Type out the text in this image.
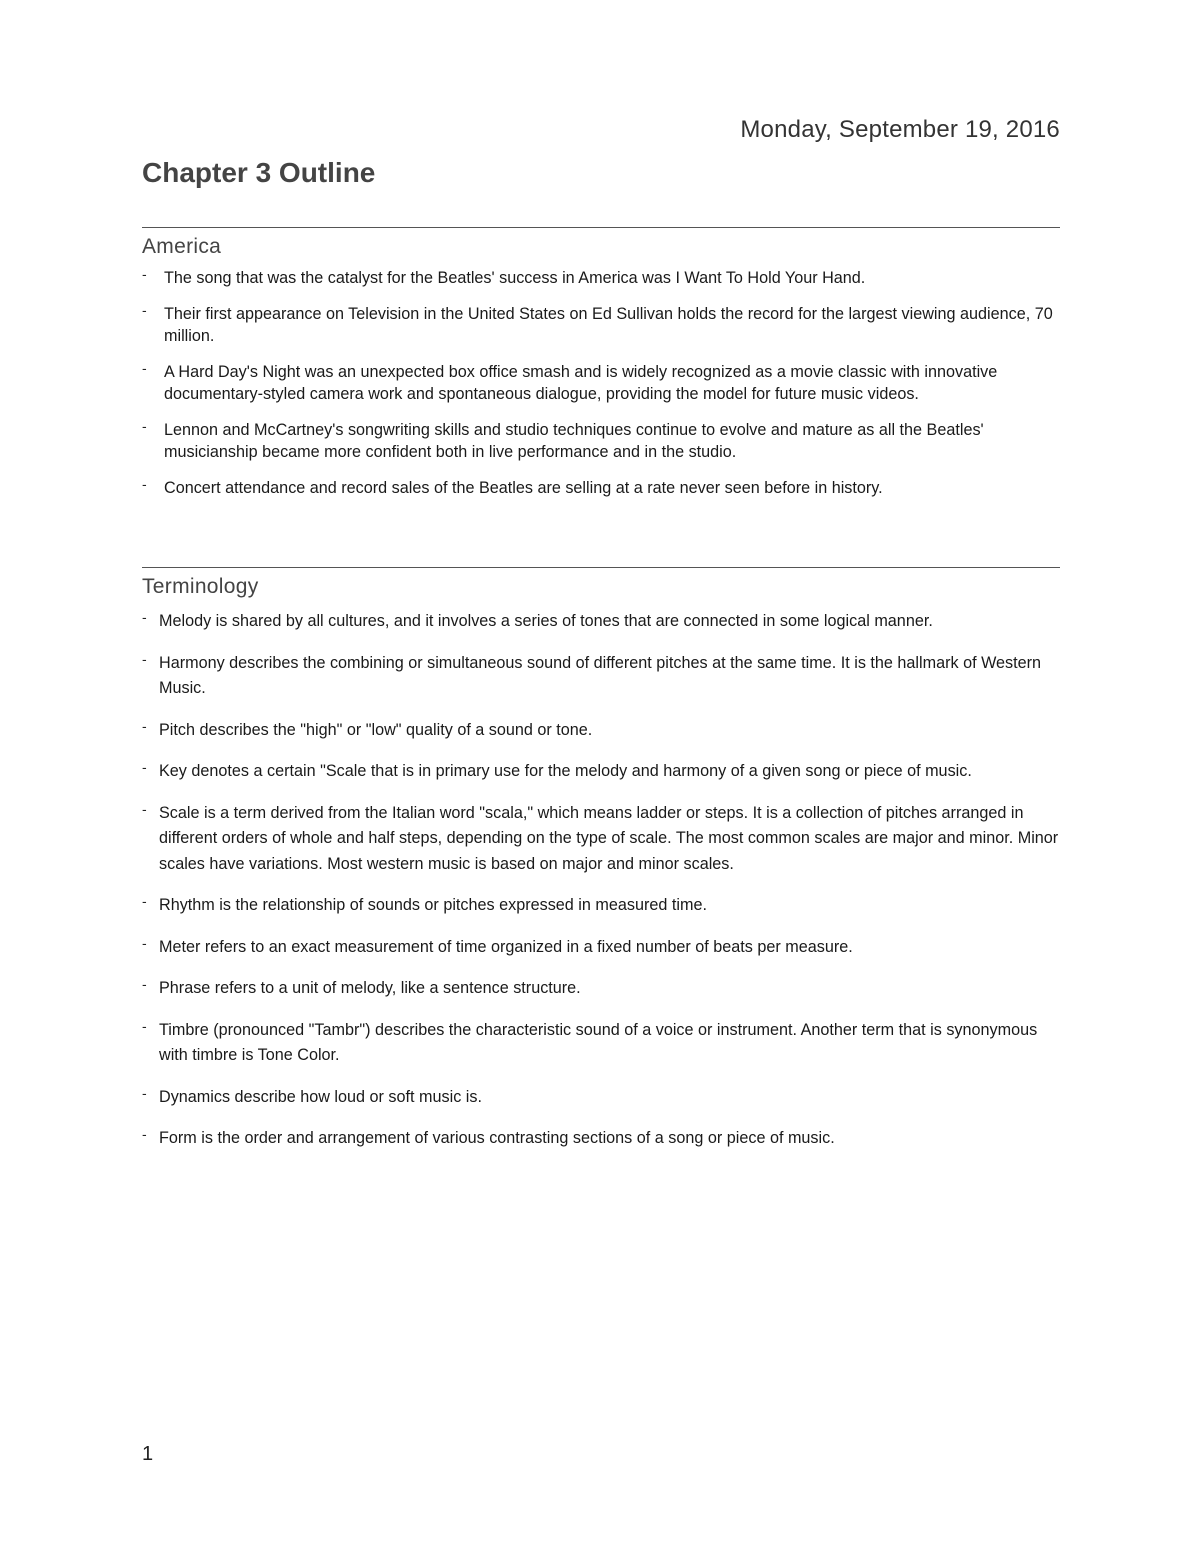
Monday, September 19, 2016

Chapter 3 Outline
America
- The song that was the catalyst for the Beatles' success in America was I Want To Hold Your Hand.
- Their first appearance on Television in the United States on Ed Sullivan holds the record for the largest viewing audience, 70 million.
- A Hard Day's Night was an unexpected box office smash and is widely recognized as a movie classic with innovative documentary-styled camera work and spontaneous dialogue, providing the model for future music videos.
- Lennon and McCartney's songwriting skills and studio techniques continue to evolve and mature as all the Beatles' musicianship became more confident both in live performance and in the studio.
- Concert attendance and record sales of the Beatles are selling at a rate never seen before in history.
Terminology
- Melody is shared by all cultures, and it involves a series of tones that are connected in some logical manner.
- Harmony describes the combining or simultaneous sound of different pitches at the same time. It is the hallmark of Western Music.
- Pitch describes the "high" or "low" quality of a sound or tone.
- Key denotes a certain "Scale that is in primary use for the melody and harmony of a given song or piece of music.
- Scale is a term derived from the Italian word "scala," which means ladder or steps. It is a collection of pitches arranged in different orders of whole and half steps, depending on the type of scale. The most common scales are major and minor. Minor scales have variations. Most western music is based on major and minor scales.
- Rhythm is the relationship of sounds or pitches expressed in measured time.
- Meter refers to an exact measurement of time organized in a fixed number of beats per measure.
- Phrase refers to a unit of melody, like a sentence structure.
- Timbre (pronounced "Tambr") describes the characteristic sound of a voice or instrument. Another term that is synonymous with timbre is Tone Color.
- Dynamics describe how loud or soft music is.
- Form is the order and arrangement of various contrasting sections of a song or piece of music.

1
